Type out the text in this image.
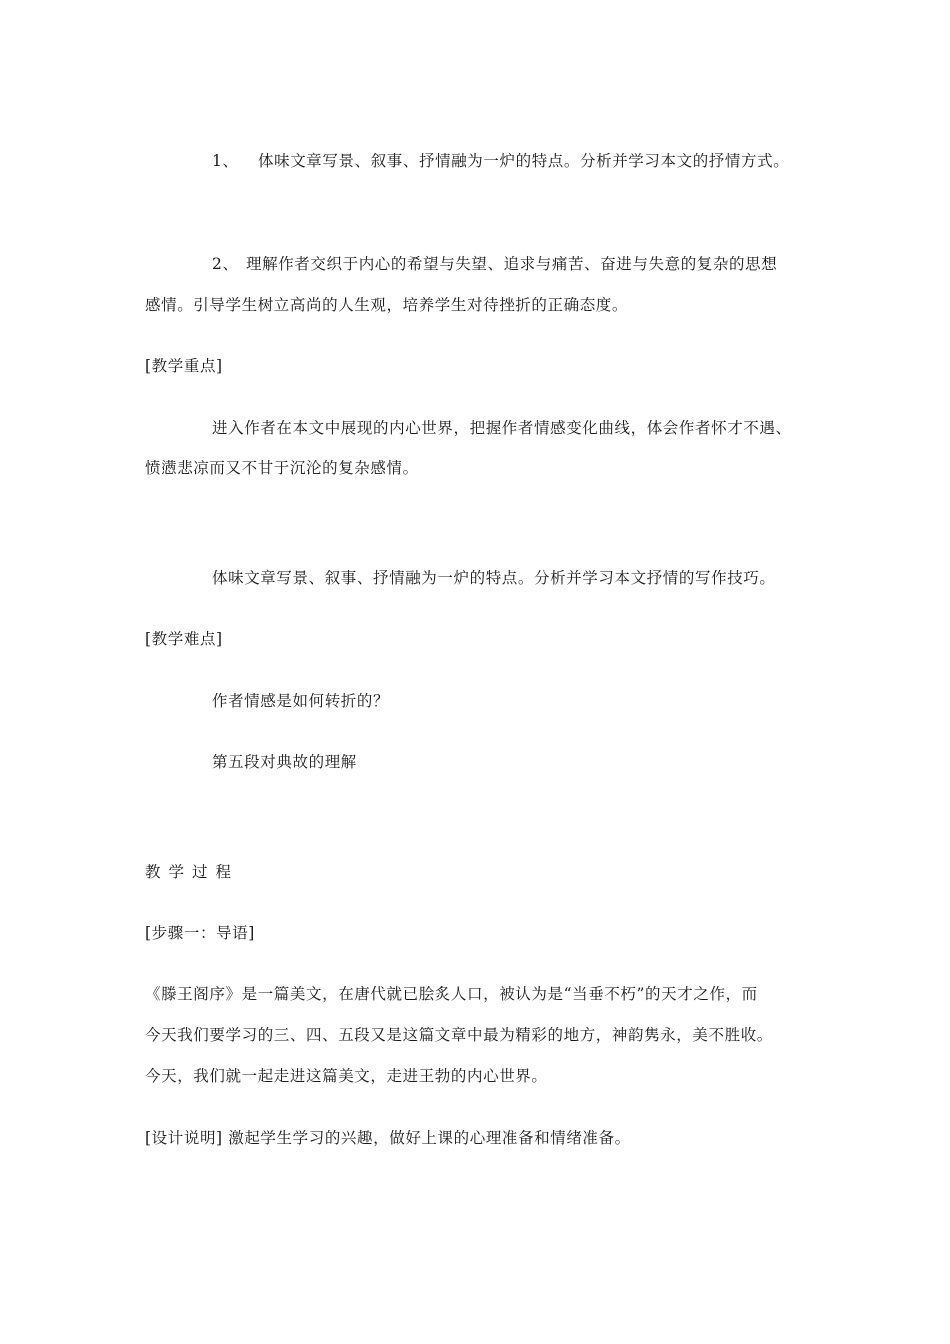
1、 体味文章写景、叙事、抒情融为一炉的特点。分析并学习本文的抒情方式。
2、 理解作者交织于内心的希望与失望、追求与痛苦、奋进与失意的复杂的思想
感情。引导学生树立高尚的人生观，培养学生对待挫折的正确态度。
[教学重点]
进入作者在本文中展现的内心世界，把握作者情感变化曲线，体会作者怀才不遇、
愤懑悲凉而又不甘于沉沦的复杂感情。
体味文章写景、叙事、抒情融为一炉的特点。分析并学习本文抒情的写作技巧。
[教学难点]
作者情感是如何转折的？
第五段对典故的理解
教学过程
[步骤一：导语]
《滕王阁序》是一篇美文，在唐代就已脍炙人口，被认为是“当垂不朽”的天才之作，而
今天我们要学习的三、四、五段又是这篇文章中最为精彩的地方，神韵隽永，美不胜收。
今天，我们就一起走进这篇美文，走进王勃的内心世界。
[设计说明] 激起学生学习的兴趣，做好上课的心理准备和情绪准备。
